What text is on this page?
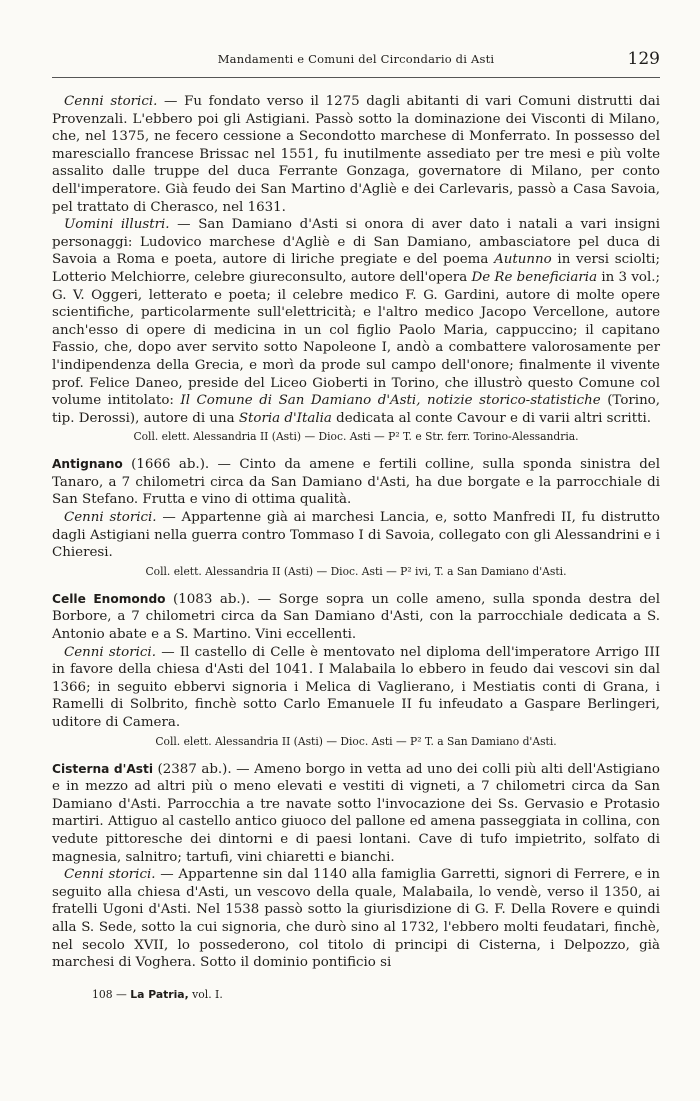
Mandamenti e Comuni del Circondario di Asti	129

Cenni storici. — Fu fondato verso il 1275 dagli abitanti di vari Comuni distrutti dai Provenzali. L'ebbero poi gli Astigiani. Passò sotto la dominazione dei Visconti di Milano, che, nel 1375, ne fecero cessione a Secondotto marchese di Monferrato. In possesso del maresciallo francese Brissac nel 1551, fu inutilmente assediato per tre mesi e più volte assalito dalle truppe del duca Ferrante Gonzaga, governatore di Milano, per conto dell'imperatore. Già feudo dei San Martino d'Agliè e dei Carlevaris, passò a Casa Savoia, pel trattato di Cherasco, nel 1631.

Uomini illustri. — San Damiano d'Asti si onora di aver dato i natali a vari insigni personaggi: Ludovico marchese d'Agliè e di San Damiano, ambasciatore pel duca di Savoia a Roma e poeta, autore di liriche pregiate e del poema Autunno in versi sciolti; Lotterio Melchiorre, celebre giureconsulto, autore dell'opera De Re beneficiaria in 3 vol.; G. V. Oggeri, letterato e poeta; il celebre medico F. G. Gardini, autore di molte opere scientifiche, particolarmente sull'elettricità; e l'altro medico Jacopo Vercellone, autore anch'esso di opere di medicina in un col figlio Paolo Maria, cappuccino; il capitano Fassio, che, dopo aver servito sotto Napoleone I, andò a combattere valorosamente per l'indipendenza della Grecia, e morì da prode sul campo dell'onore; finalmente il vivente prof. Felice Daneo, preside del Liceo Gioberti in Torino, che illustrò questo Comune col volume intitolato: Il Comune di San Damiano d'Asti, notizie storico-statistiche (Torino, tip. Derossi), autore di una Storia d'Italia dedicata al conte Cavour e di varii altri scritti.

Coll. elett. Alessandria II (Asti) — Dioc. Asti — P² T. e Str. ferr. Torino-Alessandria.

Antignano (1666 ab.). — Cinto da amene e fertili colline, sulla sponda sinistra del Tanaro, a 7 chilometri circa da San Damiano d'Asti, ha due borgate e la parrocchiale di San Stefano. Frutta e vino di ottima qualità.

Cenni storici. — Appartenne già ai marchesi Lancia, e, sotto Manfredi II, fu distrutto dagli Astigiani nella guerra contro Tommaso I di Savoia, collegato con gli Alessandrini e i Chieresi.

Coll. elett. Alessandria II (Asti) — Dioc. Asti — P² ivi, T. a San Damiano d'Asti.

Celle Enomondo (1083 ab.). — Sorge sopra un colle ameno, sulla sponda destra del Borbore, a 7 chilometri circa da San Damiano d'Asti, con la parrocchiale dedicata a S. Antonio abate e a S. Martino. Vini eccellenti.

Cenni storici. — Il castello di Celle è mentovato nel diploma dell'imperatore Arrigo III in favore della chiesa d'Asti del 1041. I Malabaila lo ebbero in feudo dai vescovi sin dal 1366; in seguito ebbervi signoria i Melica di Vaglierano, i Mestiatis conti di Grana, i Ramelli di Solbrito, finchè sotto Carlo Emanuele II fu infeudato a Gaspare Berlingeri, uditore di Camera.

Coll. elett. Alessandria II (Asti) — Dioc. Asti — P² T. a San Damiano d'Asti.

Cisterna d'Asti (2387 ab.). — Ameno borgo in vetta ad uno dei colli più alti dell'Astigiano e in mezzo ad altri più o meno elevati e vestiti di vigneti, a 7 chilometri circa da San Damiano d'Asti. Parrocchia a tre navate sotto l'invocazione dei Ss. Gervasio e Protasio martiri. Attiguo al castello antico giuoco del pallone ed amena passeggiata in collina, con vedute pittoresche dei dintorni e di paesi lontani. Cave di tufo impietrito, solfato di magnesia, salnitro; tartufi, vini chiaretti e bianchi.

Cenni storici. — Appartenne sin dal 1140 alla famiglia Garretti, signori di Ferrere, e in seguito alla chiesa d'Asti, un vescovo della quale, Malabaila, lo vendè, verso il 1350, ai fratelli Ugoni d'Asti. Nel 1538 passò sotto la giurisdizione di G. F. Della Rovere e quindi alla S. Sede, sotto la cui signoria, che durò sino al 1732, l'ebbero molti feudatari, finchè, nel secolo XVII, lo possederono, col titolo di principi di Cisterna, i Delpozzo, già marchesi di Voghera. Sotto il dominio pontificio si

108 — La Patria, vol. I.
